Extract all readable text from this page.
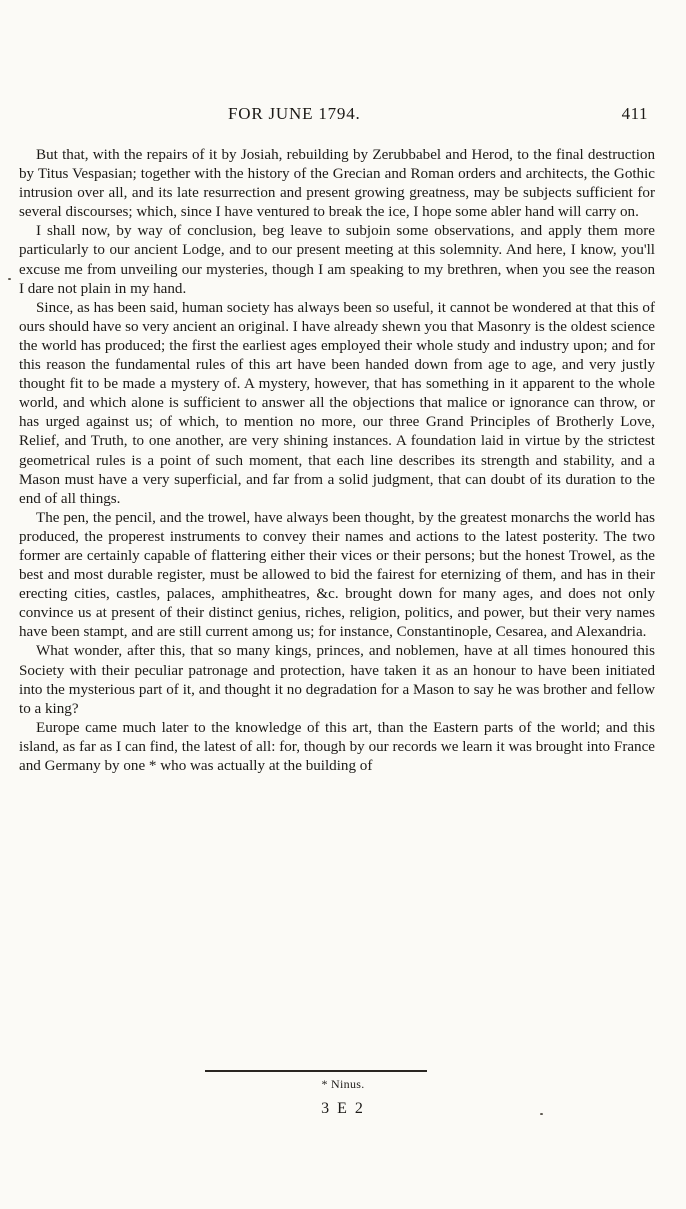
FOR JUNE 1794.	411

But that, with the repairs of it by Josiah, rebuilding by Zerubbabel and Herod, to the final destruction by Titus Vespasian; together with the history of the Grecian and Roman orders and architects, the Gothic intrusion over all, and its late resurrection and present growing greatness, may be subjects sufficient for several discourses; which, since I have ventured to break the ice, I hope some abler hand will carry on.

I shall now, by way of conclusion, beg leave to subjoin some observations, and apply them more particularly to our ancient Lodge, and to our present meeting at this solemnity. And here, I know, you'll excuse me from unveiling our mysteries, though I am speaking to my brethren, when you see the reason I dare not plain in my hand.

Since, as has been said, human society has always been so useful, it cannot be wondered at that this of ours should have so very ancient an original. I have already shewn you that Masonry is the oldest science the world has produced; the first the earliest ages employed their whole study and industry upon; and for this reason the fundamental rules of this art have been handed down from age to age, and very justly thought fit to be made a mystery of. A mystery, however, that has something in it apparent to the whole world, and which alone is sufficient to answer all the objections that malice or ignorance can throw, or has urged against us; of which, to mention no more, our three Grand Principles of Brotherly Love, Relief, and Truth, to one another, are very shining instances. A foundation laid in virtue by the strictest geometrical rules is a point of such moment, that each line describes its strength and stability, and a Mason must have a very superficial, and far from a solid judgment, that can doubt of its duration to the end of all things.

The pen, the pencil, and the trowel, have always been thought, by the greatest monarchs the world has produced, the properest instruments to convey their names and actions to the latest posterity. The two former are certainly capable of flattering either their vices or their persons; but the honest Trowel, as the best and most durable register, must be allowed to bid the fairest for eternizing of them, and has in their erecting cities, castles, palaces, amphitheatres, &c. brought down for many ages, and does not only convince us at present of their distinct genius, riches, religion, politics, and power, but their very names have been stampt, and are still current among us; for instance, Constantinople, Cesarea, and Alexandria.

What wonder, after this, that so many kings, princes, and noblemen, have at all times honoured this Society with their peculiar patronage and protection, have taken it as an honour to have been initiated into the mysterious part of it, and thought it no degradation for a Mason to say he was brother and fellow to a king?

Europe came much later to the knowledge of this art, than the Eastern parts of the world; and this island, as far as I can find, the latest of all: for, though by our records we learn it was brought into France and Germany by one * who was actually at the building of

* Ninus.
3 E 2
